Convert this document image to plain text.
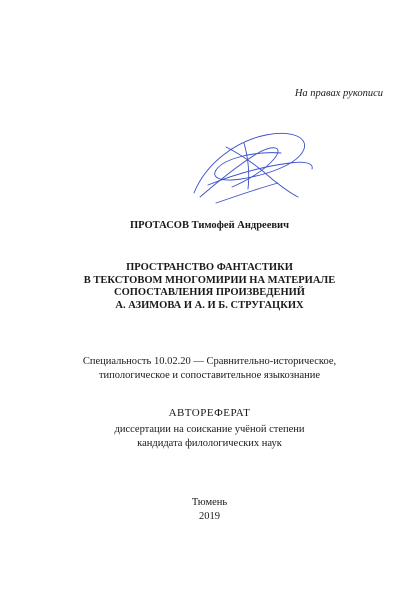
На правах рукописи
ПРОТАСОВ Тимофей Андреевич
ПРОСТРАНСТВО ФАНТАСТИКИ
В ТЕКСТОВОМ МНОГОМИРИИ НА МАТЕРИАЛЕ
СОПОСТАВЛЕНИЯ ПРОИЗВЕДЕНИЙ
А. АЗИМОВА И А. И Б. СТРУГАЦКИХ
Специальность 10.02.20 — Сравнительно-историческое,
типологическое и сопоставительное языкознание
АВТОРЕФЕРАТ
диссертации на соискание учёной степени
кандидата филологических наук
Тюмень
2019
